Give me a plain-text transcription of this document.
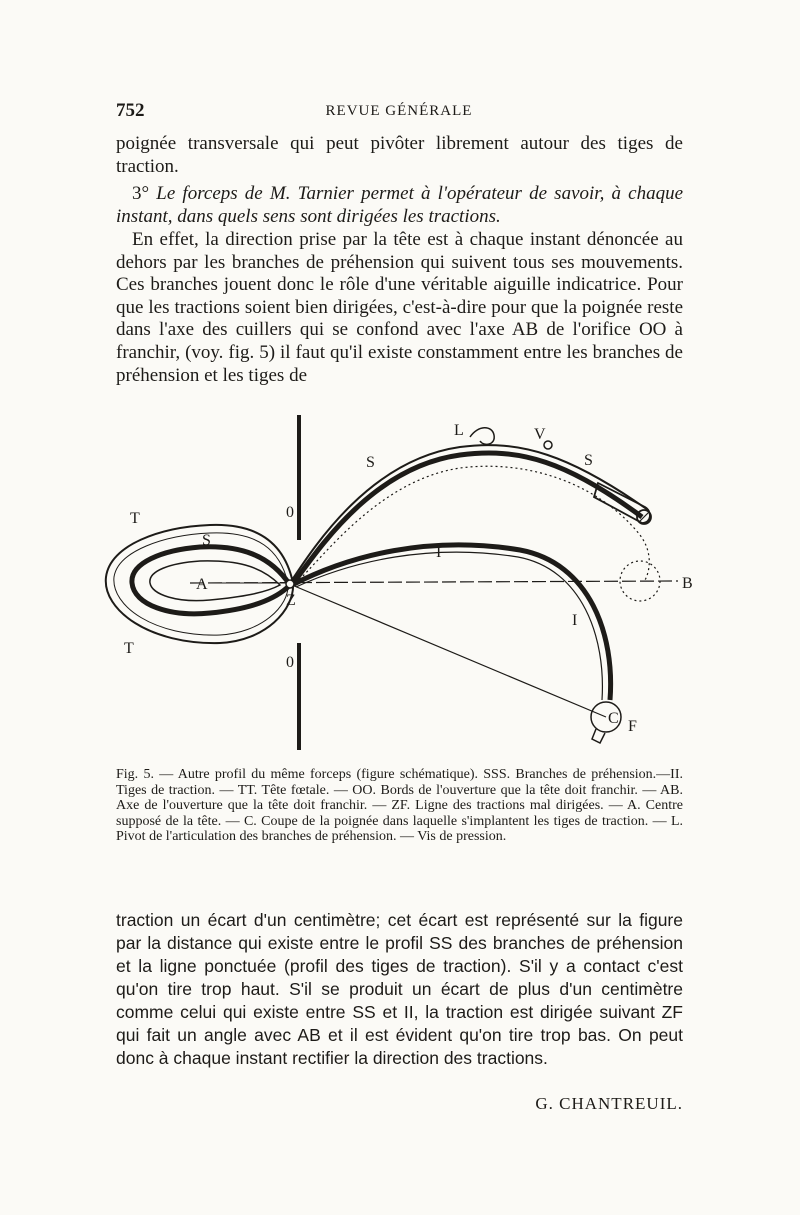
752	REVUE GÉNÉRALE

poignée transversale qui peut pivôter librement autour des tiges de traction.

3° Le forceps de M. Tarnier permet à l'opérateur de savoir, à chaque instant, dans quels sens sont dirigées les tractions.

En effet, la direction prise par la tête est à chaque instant dénoncée au dehors par les branches de préhension qui suivent tous ses mouvements. Ces branches jouent donc le rôle d'une véritable aiguille indicatrice. Pour que les tractions soient bien dirigées, c'est-à-dire pour que la poignée reste dans l'axe des cuillers qui se confond avec l'axe AB de l'orifice OO à franchir, (voy. fig. 5) il faut qu'il existe constamment entre les branches de préhension et les tiges de

T
T
S
S	S
A	B
0
0
Z
I
I
L	V
C F

Fig. 5. — Autre profil du même forceps (figure schématique). SSS. Branches de préhension.—II. Tiges de traction. — TT. Tête fœtale. — OO. Bords de l'ouverture que la tête doit franchir. — AB. Axe de l'ouverture que la tête doit franchir. — ZF. Ligne des tractions mal dirigées. — A. Centre supposé de la tête. — C. Coupe de la poignée dans laquelle s'implantent les tiges de traction. — L. Pivot de l'articulation des branches de préhension. — Vis de pression.

traction un écart d'un centimètre; cet écart est représenté sur la figure par la distance qui existe entre le profil SS des branches de préhension et la ligne ponctuée (profil des tiges de traction). S'il y a contact c'est qu'on tire trop haut. S'il se produit un écart de plus d'un centimètre comme celui qui existe entre SS et II, la traction est dirigée suivant ZF qui fait un angle avec AB et il est évident qu'on tire trop bas. On peut donc à chaque instant rectifier la direction des tractions.

G. CHANTREUIL.
